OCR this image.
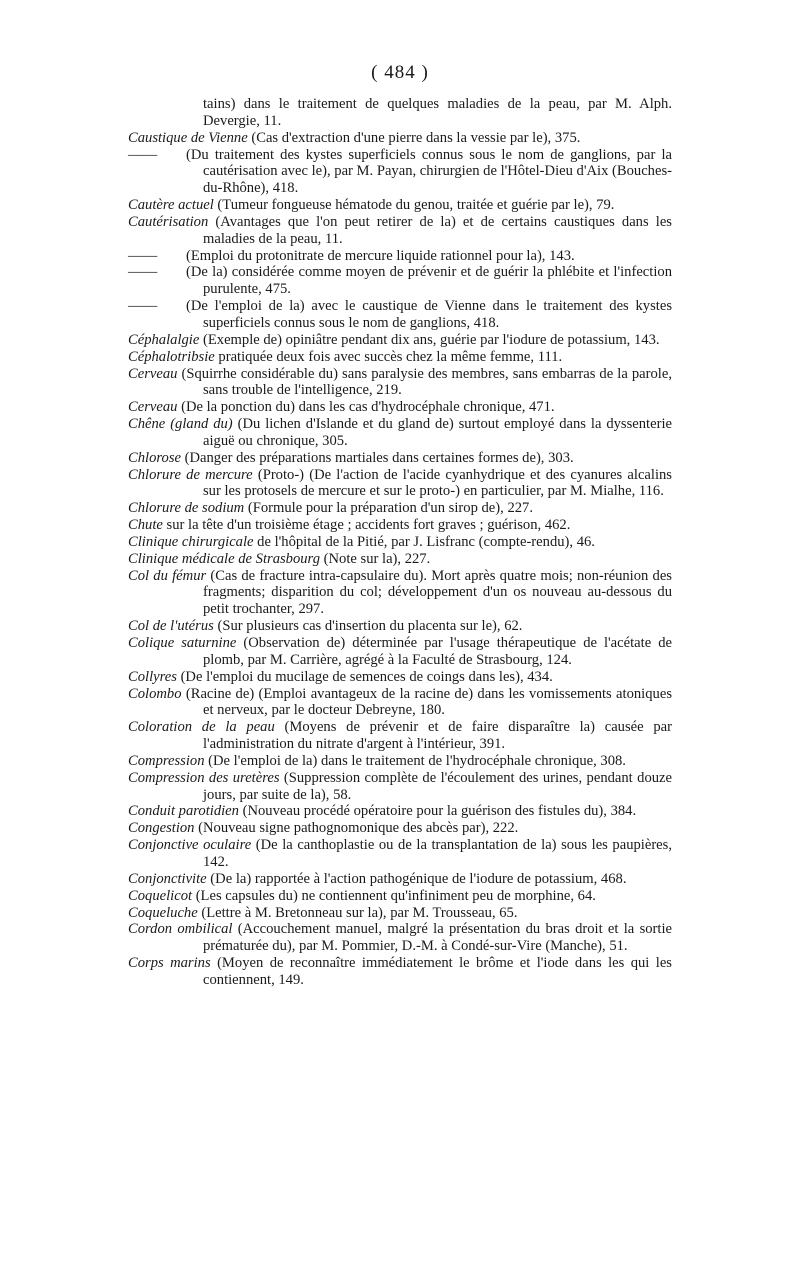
( 484 )
tains) dans le traitement de quelques maladies de la peau, par M. Alph. Devergie, 11.
Caustique de Vienne (Cas d'extraction d'une pierre dans la vessie par le), 375.
—— (Du traitement des kystes superficiels connus sous le nom de ganglions, par la cautérisation avec le), par M. Payan, chirurgien de l'Hôtel-Dieu d'Aix (Bouches-du-Rhône), 418.
Cautère actuel (Tumeur fongueuse hématode du genou, traitée et guérie par le), 79.
Cautérisation (Avantages que l'on peut retirer de la) et de certains caustiques dans les maladies de la peau, 11.
—— (Emploi du protonitrate de mercure liquide rationnel pour la), 143.
—— (De la) considérée comme moyen de prévenir et de guérir la phlébite et l'infection purulente, 475.
—— (De l'emploi de la) avec le caustique de Vienne dans le traitement des kystes superficiels connus sous le nom de ganglions, 418.
Céphalalgie (Exemple de) opiniâtre pendant dix ans, guérie par l'iodure de potassium, 143.
Céphalotribsie pratiquée deux fois avec succès chez la même femme, 111.
Cerveau (Squirrhe considérable du) sans paralysie des membres, sans embarras de la parole, sans trouble de l'intelligence, 219.
Cerveau (De la ponction du) dans les cas d'hydrocéphale chronique, 471.
Chêne (gland du) (Du lichen d'Islande et du gland de) surtout employé dans la dyssenterie aiguë ou chronique, 305.
Chlorose (Danger des préparations martiales dans certaines formes de), 303.
Chlorure de mercure (Proto-) (De l'action de l'acide cyanhydrique et des cyanures alcalins sur les protosels de mercure et sur le proto-) en particulier, par M. Mialhe, 116.
Chlorure de sodium (Formule pour la préparation d'un sirop de), 227.
Chute sur la tête d'un troisième étage ; accidents fort graves ; guérison, 462.
Clinique chirurgicale de l'hôpital de la Pitié, par J. Lisfranc (compte-rendu), 46.
Clinique médicale de Strasbourg (Note sur la), 227.
Col du fémur (Cas de fracture intra-capsulaire du). Mort après quatre mois; non-réunion des fragments; disparition du col; développement d'un os nouveau au-dessous du petit trochanter, 297.
Col de l'utérus (Sur plusieurs cas d'insertion du placenta sur le), 62.
Colique saturnine (Observation de) déterminée par l'usage thérapeutique de l'acétate de plomb, par M. Carrière, agrégé à la Faculté de Strasbourg, 124.
Collyres (De l'emploi du mucilage de semences de coings dans les), 434.
Colombo (Racine de) (Emploi avantageux de la racine de) dans les vomissements atoniques et nerveux, par le docteur Debreyne, 180.
Coloration de la peau (Moyens de prévenir et de faire disparaître la) causée par l'administration du nitrate d'argent à l'intérieur, 391.
Compression (De l'emploi de la) dans le traitement de l'hydrocéphale chronique, 308.
Compression des uretères (Suppression complète de l'écoulement des urines, pendant douze jours, par suite de la), 58.
Conduit parotidien (Nouveau procédé opératoire pour la guérison des fistules du), 384.
Congestion (Nouveau signe pathognomonique des abcès par), 222.
Conjonctive oculaire (De la canthoplastie ou de la transplantation de la) sous les paupières, 142.
Conjonctivite (De la) rapportée à l'action pathogénique de l'iodure de potassium, 468.
Coquelicot (Les capsules du) ne contiennent qu'infiniment peu de morphine, 64.
Coqueluche (Lettre à M. Bretonneau sur la), par M. Trousseau, 65.
Cordon ombilical (Accouchement manuel, malgré la présentation du bras droit et la sortie prématurée du), par M. Pommier, D.-M. à Condé-sur-Vire (Manche), 51.
Corps marins (Moyen de reconnaître immédiatement le brôme et l'iode dans les qui les contiennent, 149.
